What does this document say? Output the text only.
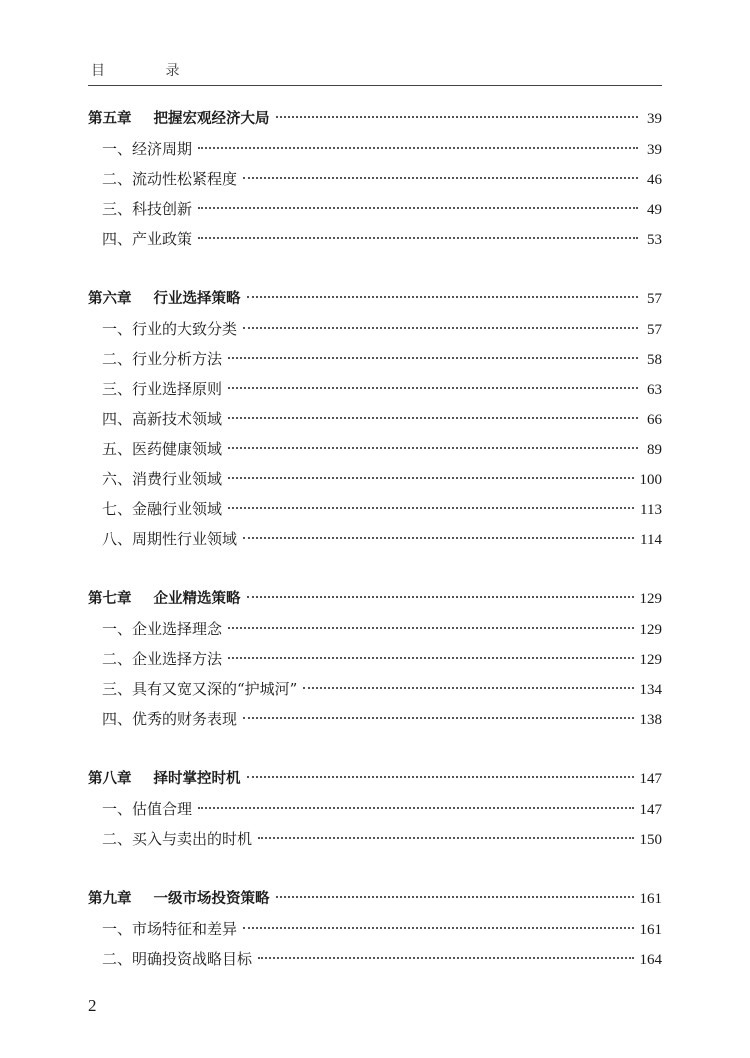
目 录
第五章 把握宏观经济大局	39
一、经济周期	39
二、流动性松紧程度	46
三、科技创新	49
四、产业政策	53
第六章 行业选择策略	57
一、行业的大致分类	57
二、行业分析方法	58
三、行业选择原则	63
四、高新技术领域	66
五、医药健康领域	89
六、消费行业领域	100
七、金融行业领域	113
八、周期性行业领域	114
第七章 企业精选策略	129
一、企业选择理念	129
二、企业选择方法	129
三、具有又宽又深的“护城河”	134
四、优秀的财务表现	138
第八章 择时掌控时机	147
一、估值合理	147
二、买入与卖出的时机	150
第九章 一级市场投资策略	161
一、市场特征和差异	161
二、明确投资战略目标	164
2
